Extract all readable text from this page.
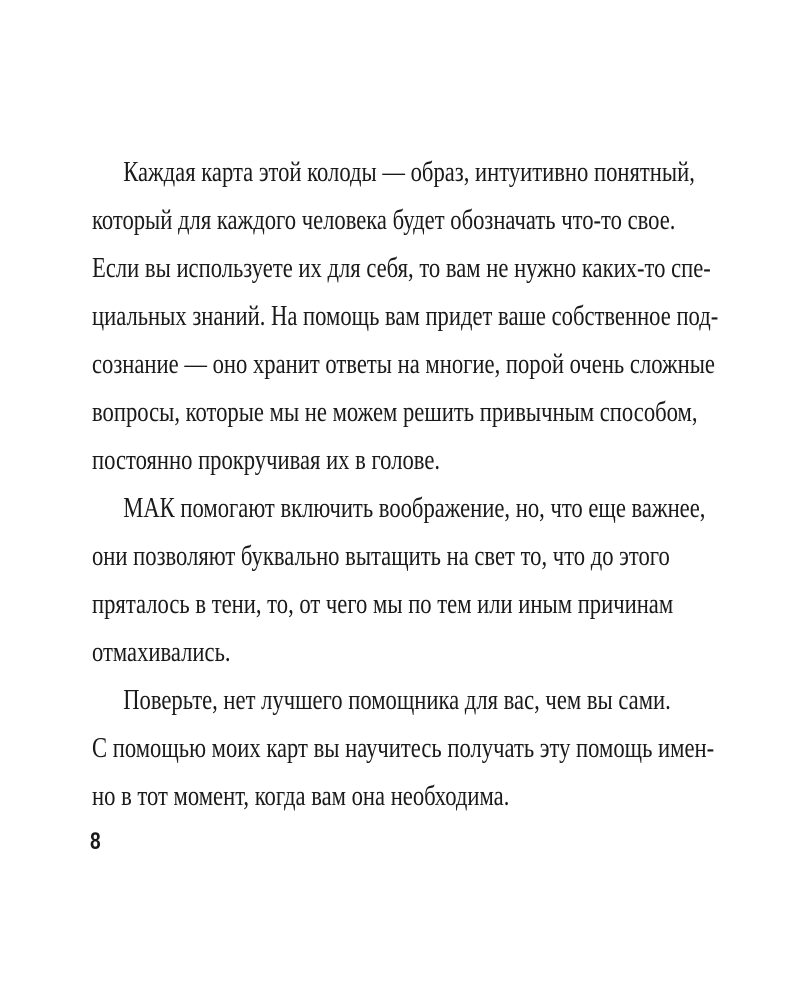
Каждая карта этой колоды — образ, интуитивно понятный,
который для каждого человека будет обозначать что-то свое.
Если вы используете их для себя, то вам не нужно каких-то спе-
циальных знаний. На помощь вам придет ваше собственное под-
сознание — оно хранит ответы на многие, порой очень сложные
вопросы, которые мы не можем решить привычным способом,
постоянно прокручивая их в голове.
МАК помогают включить воображение, но, что еще важнее,
они позволяют буквально вытащить на свет то, что до этого
пряталось в тени, то, от чего мы по тем или иным причинам
отмахивались.
Поверьте, нет лучшего помощника для вас, чем вы сами.
С помощью моих карт вы научитесь получать эту помощь имен-
но в тот момент, когда вам она необходима.
8
